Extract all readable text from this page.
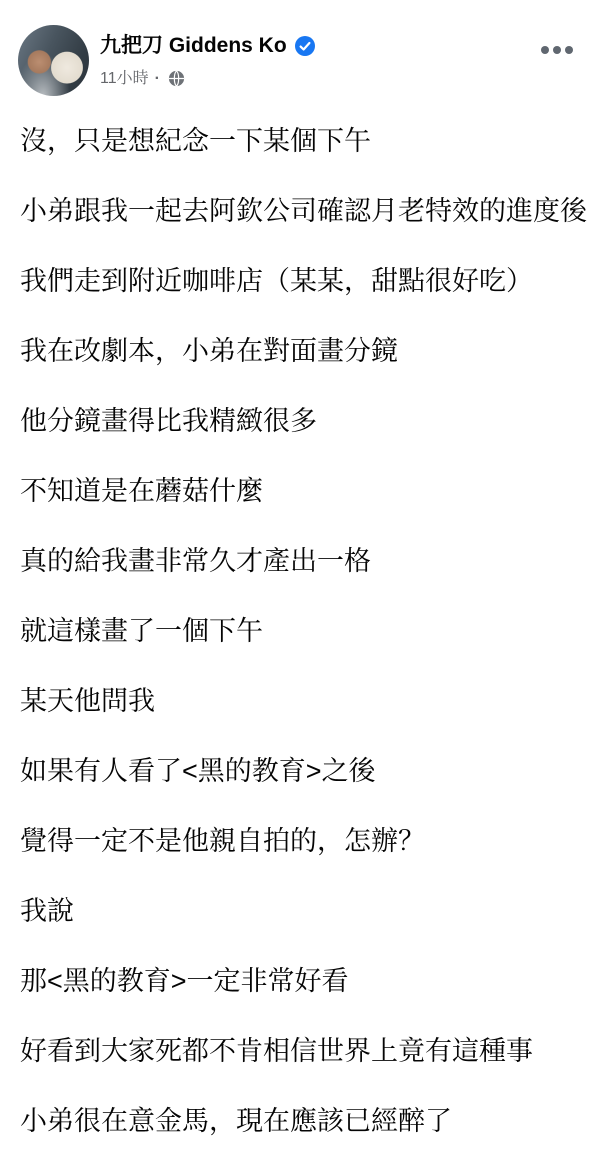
九把刀 Giddens Ko
11小時 ·

沒，只是想紀念一下某個下午

小弟跟我一起去阿欽公司確認月老特效的進度後

我們走到附近咖啡店（某某，甜點很好吃）

我在改劇本，小弟在對面畫分鏡

他分鏡畫得比我精緻很多

不知道是在蘑菇什麼

真的給我畫非常久才產出一格

就這樣畫了一個下午

某天他問我

如果有人看了<黑的教育>之後

覺得一定不是他親自拍的，怎辦？

我說

那<黑的教育>一定非常好看

好看到大家死都不肯相信世界上竟有這種事

小弟很在意金馬，現在應該已經醉了
